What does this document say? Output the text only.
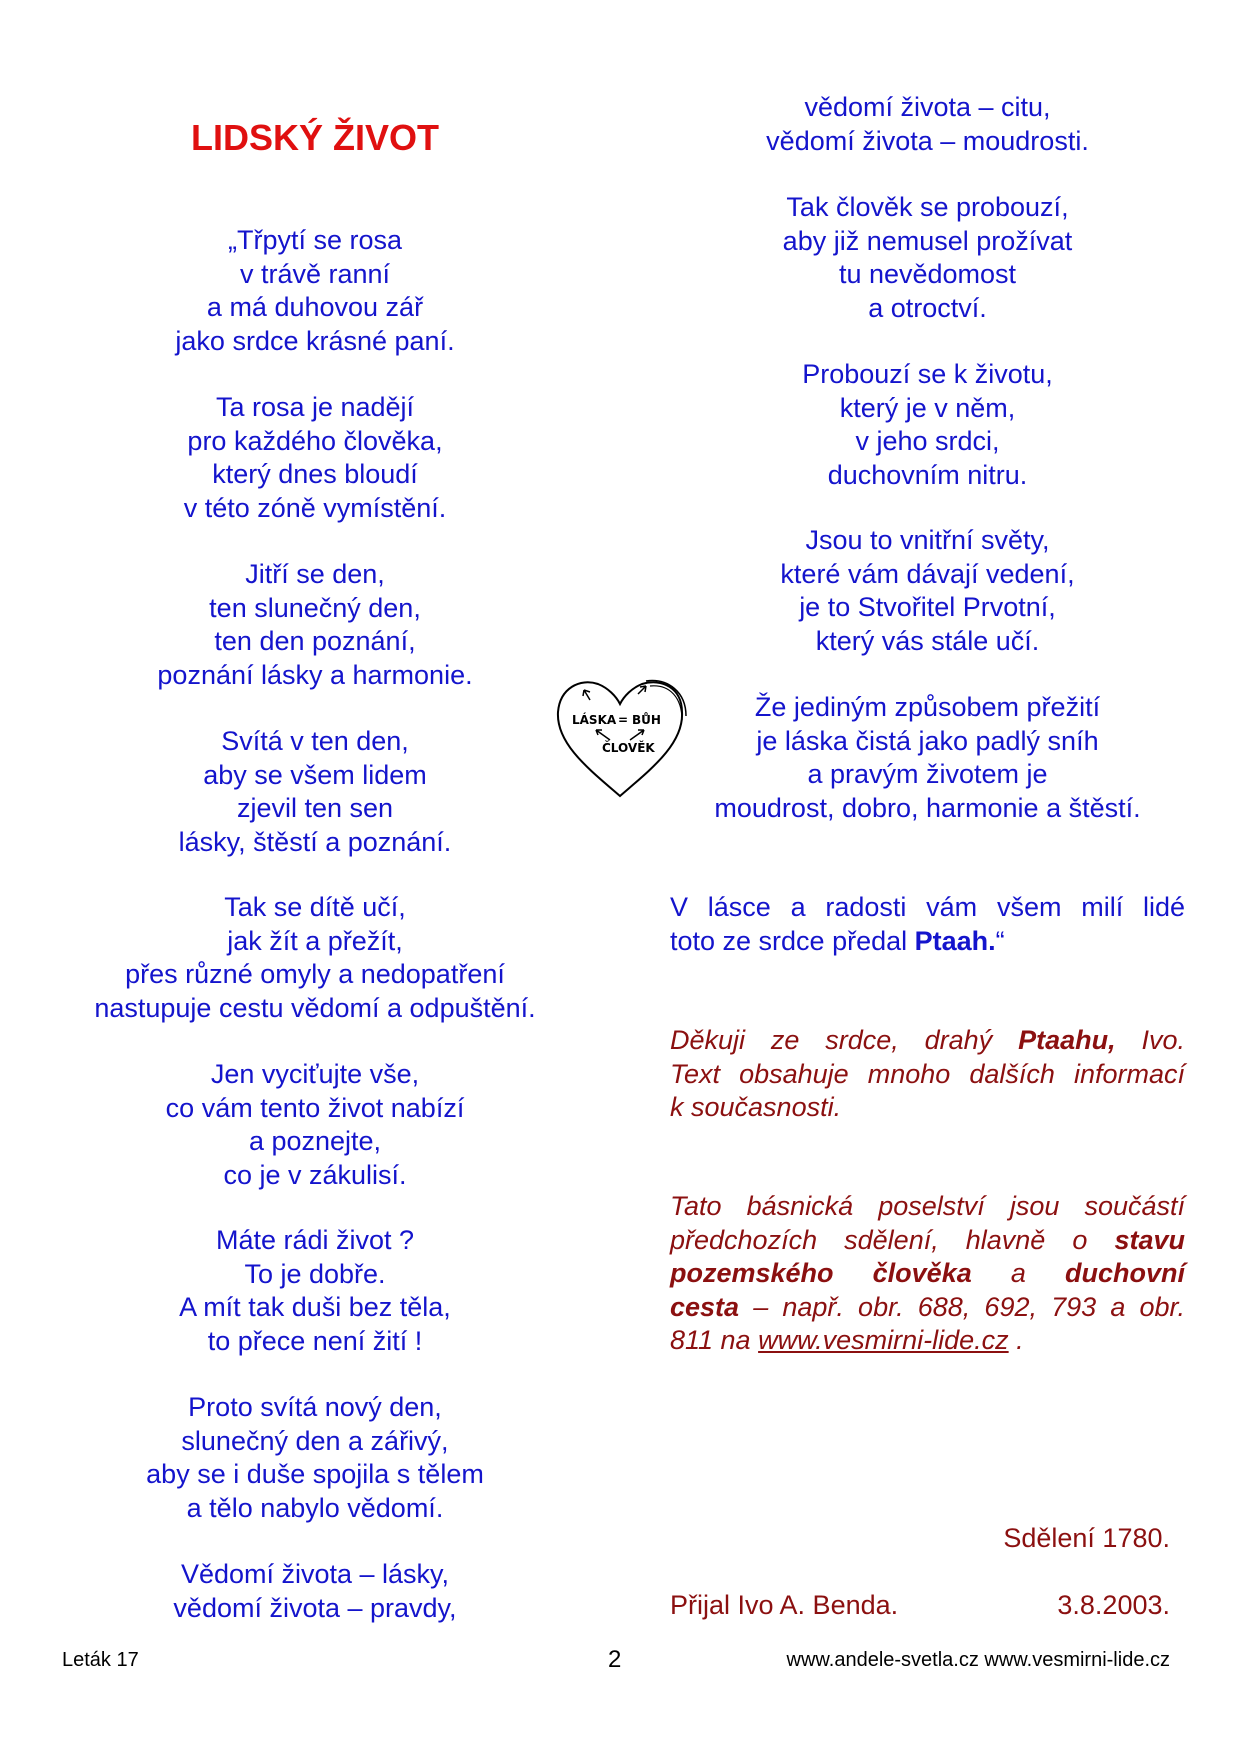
LIDSKÝ ŽIVOT
„Třpytí se rosa
v trávě ranní
a má duhovou zář
jako srdce krásné paní.
Ta rosa je nadějí
pro každého člověka,
který dnes bloudí
v této zóně vymístění.
Jitří se den,
ten slunečný den,
ten den poznání,
poznání lásky a harmonie.
Svítá v ten den,
aby se všem lidem
zjevil ten sen
lásky, štěstí a poznání.
Tak se dítě učí,
jak žít a přežít,
přes různé omyly a nedopatření
nastupuje cestu vědomí a odpuštění.
Jen vyciťujte vše,
co vám tento život nabízí
a poznejte,
co je v zákulisí.
Máte rádi život ?
To je dobře.
A mít tak duši bez těla,
to přece není žití !
Proto svítá nový den,
slunečný den a zářivý,
aby se i duše spojila s tělem
a tělo nabylo vědomí.
Vědomí života – lásky,
vědomí života – pravdy,
vědomí života – citu,
vědomí života – moudrosti.
Tak člověk se probouzí,
aby již nemusel prožívat
tu nevědomost
a otroctví.
Probouzí se k životu,
který je v něm,
v jeho srdci,
duchovním nitru.
Jsou to vnitřní světy,
které vám dávají vedení,
je to Stvořitel Prvotní,
který vás stále učí.
Že jediným způsobem přežití
je láska čistá jako padlý sníh
a pravým životem je
moudrost, dobro, harmonie a štěstí.
LÁSKA = BŮH
ČLOVĚK
V lásce a radosti vám všem milí lidé
toto ze srdce předal Ptaah.“
Děkuji ze srdce, drahý Ptaahu, Ivo.
Text obsahuje mnoho dalších informací
k současnosti.
Tato básnická poselství jsou součástí
předchozích sdělení, hlavně o stavu
pozemského člověka a duchovní
cesta – např. obr. 688, 692, 793 a obr.
811 na www.vesmirni-lide.cz .
Sdělení 1780.
Přijal Ivo A. Benda.	3.8.2003.
Leták 17	2	www.andele-svetla.cz www.vesmirni-lide.cz
